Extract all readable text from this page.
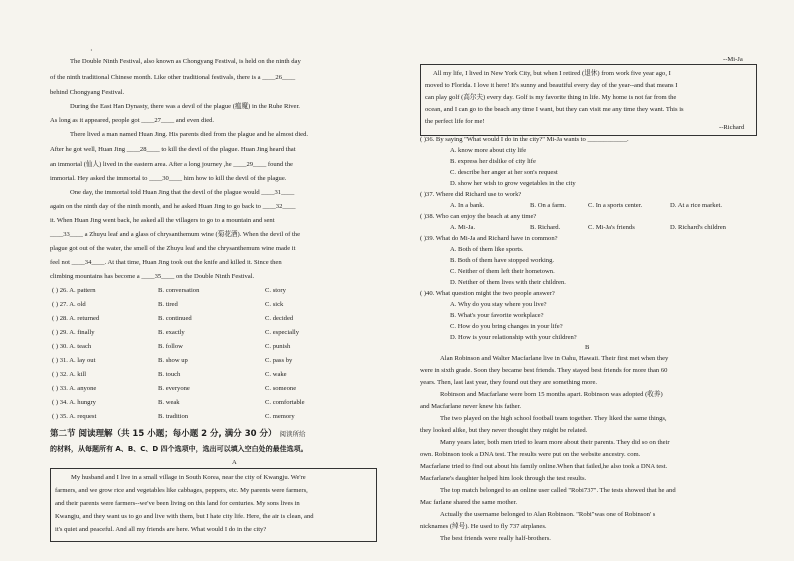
·
The Double Ninth Festival, also known as Chongyang Festival, is held on the ninth day
of the ninth traditional Chinese month. Like other traditional festivals, there is a ____26____
behind Chongyang Festival.
During the East Han Dynasty, there was a devil of the plague (瘟魔) in the Ruhe River.
As long as it appeared, people got ____27____ and even died.
There lived a man named Huan Jing. His parents died from the plague and he almost died.
After he got well, Huan Jing ____28____ to kill the devil of the plague. Huan Jing heard that
an immortal (仙人) lived in the eastern area. After a long journey ,he ____29____ found the
immortal. Hey asked the immortal to ____30____ him how to kill the devil of the plague.
One day, the immortal told Huan Jing that the devil of the plague would ____31____
again on the ninth day of the ninth month, and he asked Huan Jing to go back to ____32____
it. When Huan Jing went back, he asked all the villagers to go to a mountain and sent
____33____ a Zhuyu leaf and a glass of chrysanthemum wine (菊花酒). When the devil of the
plague got out of the water, the smell of the Zhuyu leaf and the chrysanthemum wine made it
feel not ____34____. At that time, Huan Jing took out the knife and killed it. Since then
climbing mountains has become a ____35____ on the Double Ninth Festival.
( ) 26. A. pattern	B. conversation	C. story
( ) 27. A. old	B. tired	C. sick
( ) 28. A. returned	B. continued	C. decided
( ) 29. A. finally	B. exactly	C. especially
( ) 30. A. teach	B. follow	C. punish
( ) 31. A. lay out	B. show up	C. pass by
( ) 32. A. kill	B. touch	C. wake
( ) 33. A. anyone	B. everyone	C. someone
( ) 34. A. hungry	B. weak	C. comfortable
( ) 35. A. request	B. tradition	C. memory
第二节 阅读理解（共 15 小题；每小题 2 分, 满分 30 分） 阅读所给
的材料，从每题所有 A、B、C、D 四个选项中，选出可以填入空白处的最佳选项。
A
My husband and I live in a small village in South Korea, near the city of Kwangju. We're
farmers, and we grow rice and vegetables like cabbages, peppers, etc. My parents were farmers,
and their parents were farmers--we've been living on this land for centuries. My sons lives in
Kwangju, and they want us to go and live with them, but I hate city life. Here, the air is clean, and
it's quiet and peaceful. And all my friends are here. What would I do in the city?
--Mi-Ja
All my life, I lived in New York City, but when I retired (退休) from work five year ago, I
moved to Florida. I love it here! It's sunny and beautiful every day of the year--and that means I
can play golf (高尔夫) every day. Golf is my favorite thing in life. My home is not far from the
ocean, and I can go to the beach any time I want, but they can visit me any time they want. This is
the perfect life for me!
--Richard
( )36. By saying "What would I do in the city?" Mi-Ja wants to ____________.
A. know more about city life
B. express her dislike of city life
C. describe her anger at her son's request
D. show her wish to grow vegetables in the city
( )37. Where did Richard use to work?
A. In a bank.	B. On a farm.	C. In a sports center.	D. At a rice market.
( )38. Who can enjoy the beach at any time?
A. Mi-Ja.	B. Richard.	C. Mi-Ja's friends	D. Richard's children
( )39. What do Mi-Ja and Richard have in common?
A. Both of them like sports.
B. Both of them have stopped working.
C. Neither of them left their hometown.
D. Neither of them lives with their children.
( )40. What question might the two people answer?
A. Why do you stay where you live?
B. What's your favorite workplace?
C. How do you bring changes in your life?
D. How is your relationship with your children?
B
Alan Robinson and Walter Macfarlane live in Oahu, Hawaii. Their first met when they
were in sixth grade. Soon they became best friends. They stayed best friends for more than 60
years. Then, last last year, they found out they are something more.
Robinson and Macfarlane were born 15 months apart. Robinson was adopted (收养)
and Macfarlane never knew his father.
The two played on the high school football team together. They liked the same things,
they looked alike, but they never thought they might be related.
Many years later, both men tried to learn more about their parents. They did so on their
own. Robinson took a DNA test. The results were put on the website ancestry. com.
Macfarlane tried to find out about his family online.When that failed,he also took a DNA test.
Macfarlane's daughter helped him look through the test results.
The top match belonged to an online user called "Robi737". The tests showed that he and
Mac farlane shared the same mother.
Actually the username belonged to Alan Robinson. "Robi"was one of Robinson' s
nicknames (绰号). He used to fly 737 airplanes.
The best friends were really half-brothers.
